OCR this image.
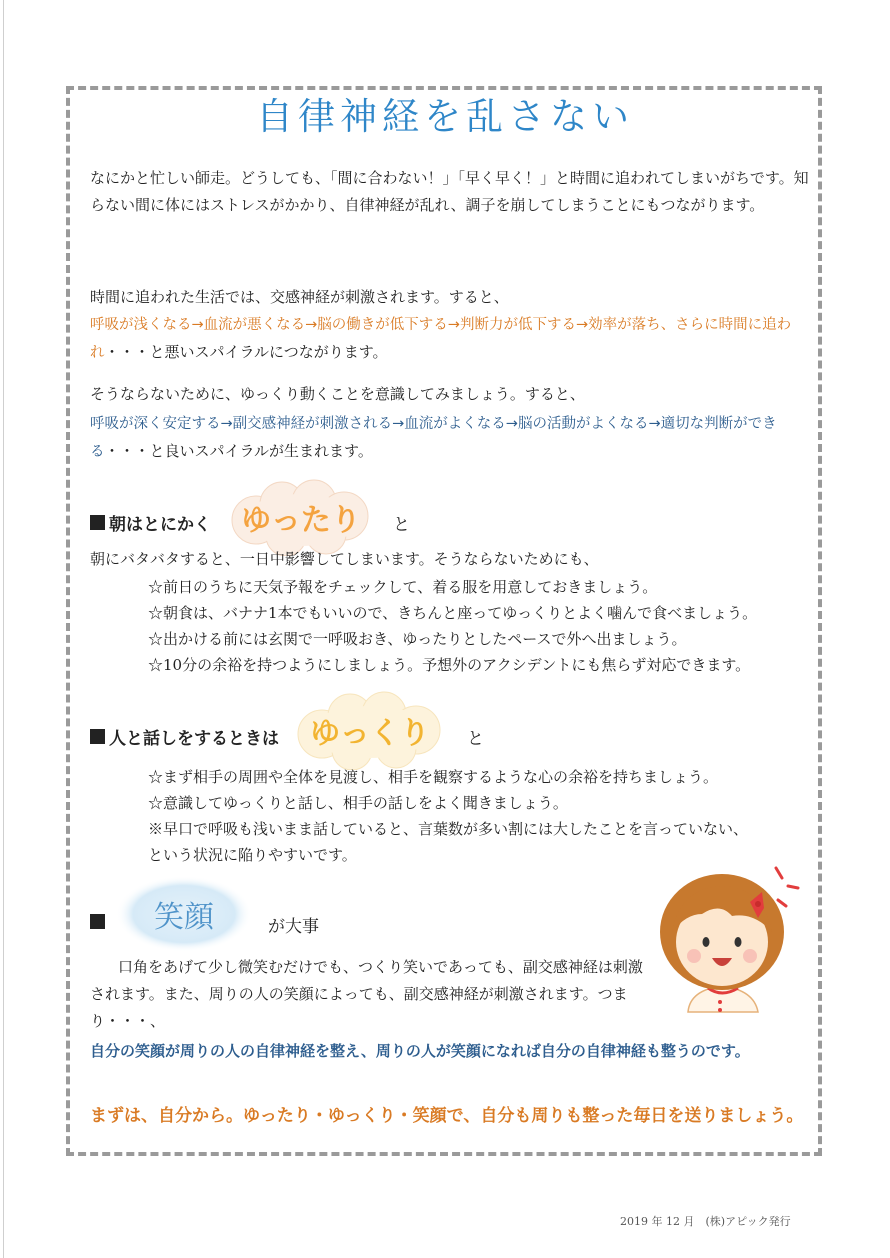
自律神経を乱さない

なにかと忙しい師走。どうしても、「間に合わない！」「早く早く！」と時間に追われてしまいがちです。知らない間に体にはストレスがかかり、自律神経が乱れ、調子を崩してしまうことにもつながります。

時間に追われた生活では、交感神経が刺激されます。すると、

呼吸が浅くなる→血流が悪くなる→脳の働きが低下する→判断力が低下する→効率が落ち、さらに時間に追われ・・・と悪いスパイラルにつながります。

そうならないために、ゆっくり動くことを意識してみましょう。すると、

呼吸が深く安定する→副交感神経が刺激される→血流がよくなる→脳の活動がよくなる→適切な判断ができる・・・と良いスパイラルが生まれます。

朝はとにかく ゆったり と

朝にバタバタすると、一日中影響してしまいます。そうならないためにも、

☆前日のうちに天気予報をチェックして、着る服を用意しておきましょう。
☆朝食は、バナナ1本でもいいので、きちんと座ってゆっくりとよく噛んで食べましょう。
☆出かける前には玄関で一呼吸おき、ゆったりとしたペースで外へ出ましょう。
☆10分の余裕を持つようにしましょう。予想外のアクシデントにも焦らず対応できます。
人と話しをするときは ゆっくり と
☆まず相手の周囲や全体を見渡し、相手を観察するような心の余裕を持ちましょう。
☆意識してゆっくりと話し、相手の話しをよく聞きましょう。
※早口で呼吸も浅いまま話していると、言葉数が多い割には大したことを言っていない、
という状況に陥りやすいです。
笑顔	が大事

口角をあげて少し微笑むだけでも、つくり笑いであっても、副交感神経は刺激されます。また、周りの人の笑顔によっても、副交感神経が刺激されます。つまり・・・、

自分の笑顔が周りの人の自律神経を整え、周りの人が笑顔になれば自分の自律神経も整うのです。
まずは、自分から。ゆったり・ゆっくり・笑顔で、自分も周りも整った毎日を送りましょう。
2019 年 12 月　(株)アピック発行
